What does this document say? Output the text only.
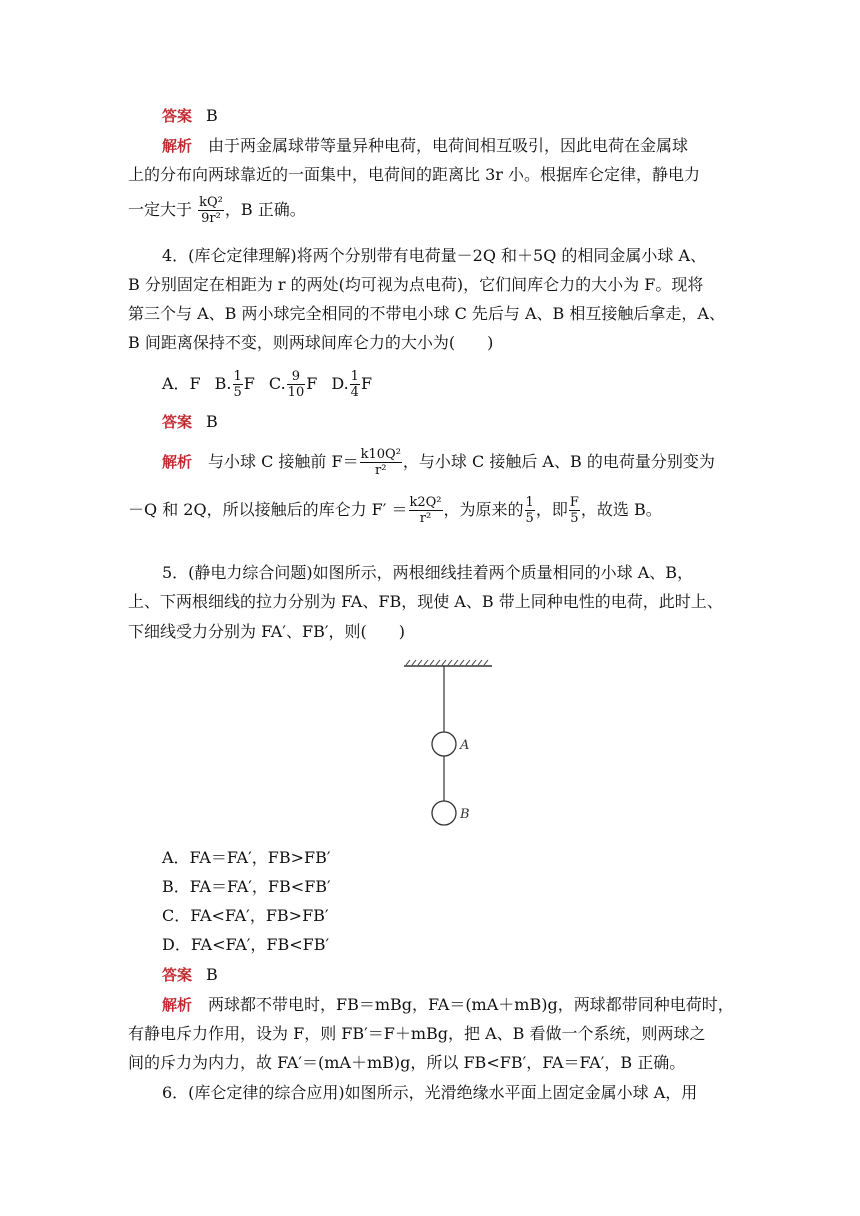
答案 B
解析  由于两金属球带等量异种电荷，电荷间相互吸引，因此电荷在金属球
上的分布向两球靠近的一面集中，电荷间的距离比 3r 小。根据库仑定律，静电力
一定大于 $\frac{\text{kQ²}}{\text{9r²}}$ ，B 正确。
4．(库仑定律理解)将两个分别带有电荷量－2Q 和＋5Q 的相同金属小球 A、
B 分别固定在相距为 r 的两处(均可视为点电荷)，它们间库仑力的大小为 F。现将
第三个与 A、B 两小球完全相同的不带电小球 C 先后与 A、B 相互接触后拿走，A、
B 间距离保持不变，则两球间库仑力的大小为(　　)
A．F B. $\frac{1}{5}$ F C. $\frac{9}{10}$ F D. $\frac{1}{4}$ F
答案 B
解析  与小球 C 接触前 $F= \frac{\text{k10Q²}}{\text{r²}}$ ，与小球 C 接触后 A、B 的电荷量分别变为
－Q 和 2Q，所以接触后的库仑力 $F' = \frac{\text{k2Q²}}{\text{r²}}$ ，为原来的 $\frac{1}{5}$ ，即 $\frac{F}{5}$ ，故选 B。
5．(静电力综合问题)如图所示，两根细线挂着两个质量相同的小球 A、B，
上、下两根细线的拉力分别为 FA、FB，现使 A、B 带上同种电性的电荷，此时上、
下细线受力分别为 FA′、FB′，则(　　)
A
B
A．FA＝FA′，FB>FB′
B．FA＝FA′，FB<FB′
C．FA<FA′，FB>FB′
D．FA<FA′，FB<FB′
答案 B
解析  两球都不带电时，FB＝mBg，FA＝(mA＋mB)g，两球都带同种电荷时，
有静电斥力作用，设为 F，则 FB′＝F＋mBg，把 A、B 看做一个系统，则两球之
间的斥力为内力，故 FA′＝(mA＋mB)g，所以 FB<FB′，FA＝FA′，B 正确。
6．(库仑定律的综合应用)如图所示，光滑绝缘水平面上固定金属小球 A，用
